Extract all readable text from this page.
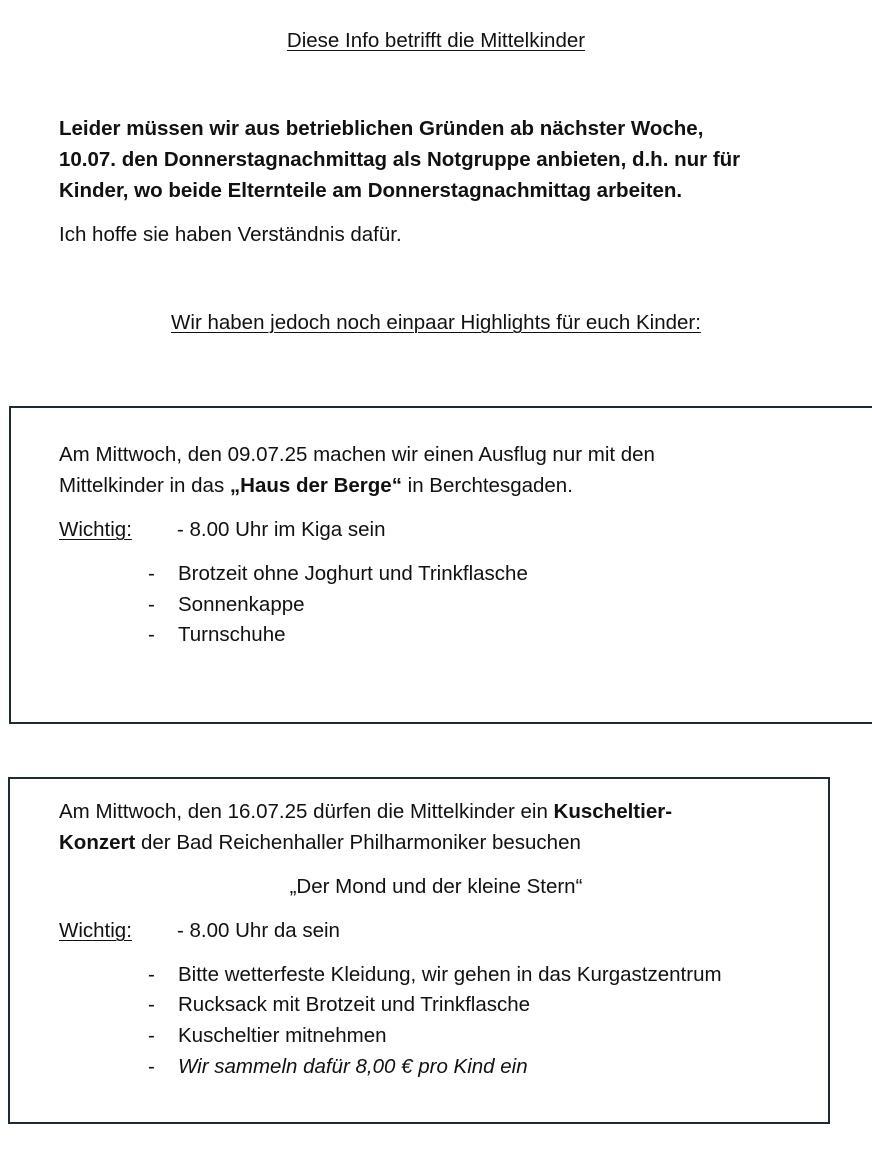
Diese Info betrifft die Mittelkinder
Leider müssen wir aus betrieblichen Gründen ab nächster Woche,
10.07. den Donnerstagnachmittag als Notgruppe anbieten, d.h. nur für
Kinder, wo beide Elternteile am Donnerstagnachmittag arbeiten.
Ich hoffe sie haben Verständnis dafür.
Wir haben jedoch noch einpaar Highlights für euch Kinder:
Am Mittwoch, den 09.07.25 machen wir einen Ausflug nur mit den
Mittelkinder in das „Haus der Berge“ in Berchtesgaden.
Wichtig: - 8.00 Uhr im Kiga sein
- Brotzeit ohne Joghurt und Trinkflasche
- Sonnenkappe
- Turnschuhe
Am Mittwoch, den 16.07.25 dürfen die Mittelkinder ein Kuscheltier-
Konzert der Bad Reichenhaller Philharmoniker besuchen
„Der Mond und der kleine Stern“
Wichtig: - 8.00 Uhr da sein
- Bitte wetterfeste Kleidung, wir gehen in das Kurgastzentrum
- Rucksack mit Brotzeit und Trinkflasche
- Kuscheltier mitnehmen
- Wir sammeln dafür 8,00 € pro Kind ein
